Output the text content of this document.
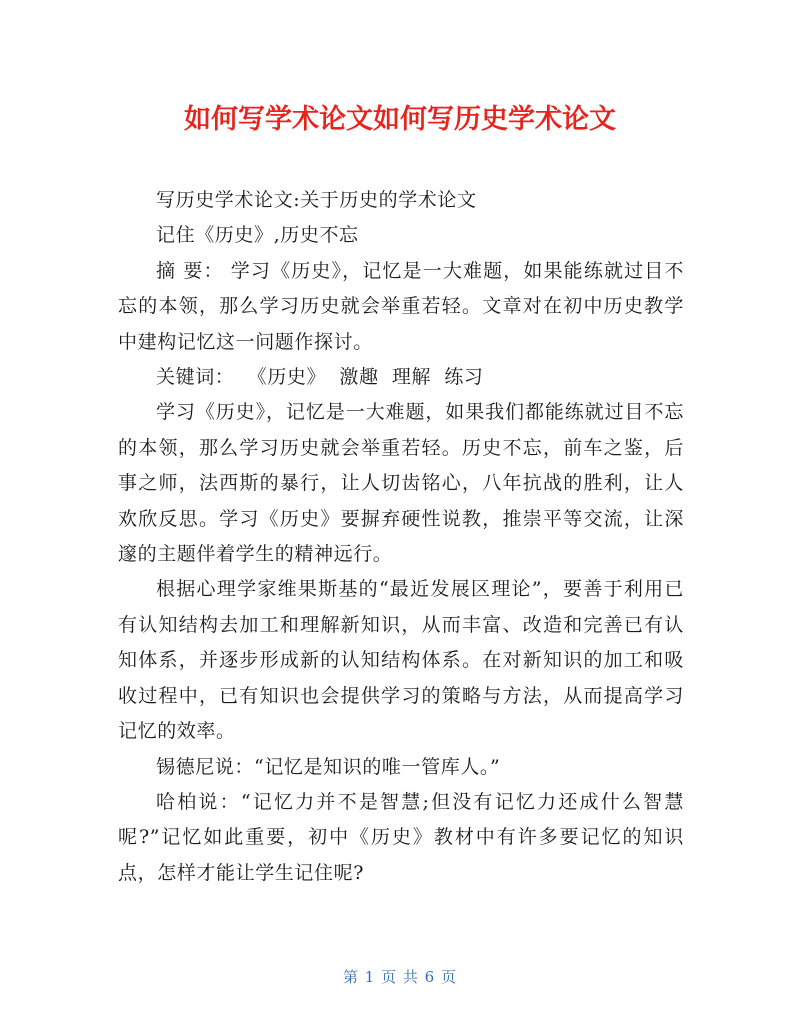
如何写学术论文如何写历史学术论文

写历史学术论文:关于历史的学术论文

记住《历史》,历史不忘

摘 要： 学习《历史》，记忆是一大难题，如果能练就过目不忘的本领，那么学习历史就会举重若轻。文章对在初中历史教学中建构记忆这一问题作探讨。

关键词：  《历史》  激趣  理解  练习

学习《历史》，记忆是一大难题，如果我们都能练就过目不忘的本领，那么学习历史就会举重若轻。历史不忘，前车之鉴，后事之师，法西斯的暴行，让人切齿铭心，八年抗战的胜利，让人欢欣反思。学习《历史》要摒弃硬性说教，推崇平等交流，让深邃的主题伴着学生的精神远行。

根据心理学家维果斯基的“最近发展区理论”，要善于利用已有认知结构去加工和理解新知识，从而丰富、改造和完善已有认知体系，并逐步形成新的认知结构体系。在对新知识的加工和吸收过程中，已有知识也会提供学习的策略与方法，从而提高学习记忆的效率。

锡德尼说：“记忆是知识的唯一管库人。”

哈柏说：“记忆力并不是智慧;但没有记忆力还成什么智慧呢?”记忆如此重要，初中《历史》教材中有许多要记忆的知识点，怎样才能让学生记住呢?

第 1 页 共 6 页
